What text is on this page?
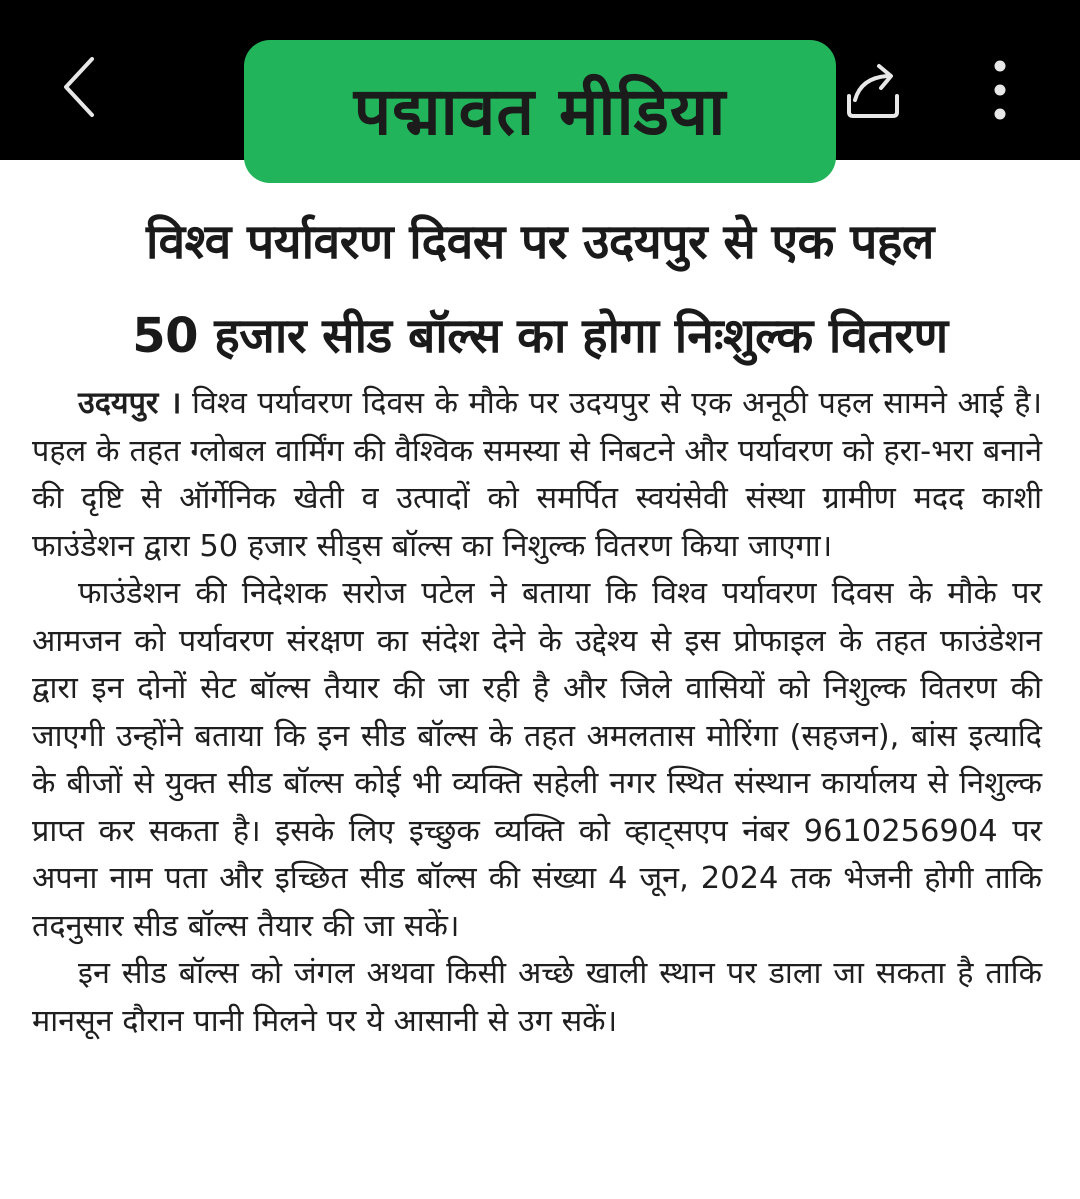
पद्मावत मीडिया
विश्व पर्यावरण दिवस पर उदयपुर से एक पहल
50 हजार सीड बॉल्स का होगा निःशुल्क वितरण

उदयपुर । विश्व पर्यावरण दिवस के मौके पर उदयपुर से एक अनूठी पहल सामने आई है। पहल के तहत ग्लोबल वार्मिंग की वैश्विक समस्या से निबटने और पर्यावरण को हरा-भरा बनाने की दृष्टि से ऑर्गेनिक खेती व उत्पादों को समर्पित स्वयंसेवी संस्था ग्रामीण मदद काशी फाउंडेशन द्वारा 50 हजार सीड्स बॉल्स का निशुल्क वितरण किया जाएगा।

फाउंडेशन की निदेशक सरोज पटेल ने बताया कि विश्व पर्यावरण दिवस के मौके पर आमजन को पर्यावरण संरक्षण का संदेश देने के उद्देश्य से इस प्रोफाइल के तहत फाउंडेशन द्वारा इन दोनों सेट बॉल्स तैयार की जा रही है और जिले वासियों को निशुल्क वितरण की जाएगी उन्होंने बताया कि इन सीड बॉल्स के तहत अमलतास मोरिंगा (सहजन), बांस इत्यादि के बीजों से युक्त सीड बॉल्स कोई भी व्यक्ति सहेली नगर स्थित संस्थान कार्यालय से निशुल्क प्राप्त कर सकता है। इसके लिए इच्छुक व्यक्ति को व्हाट्सएप नंबर 9610256904 पर अपना नाम पता और इच्छित सीड बॉल्स की संख्या 4 जून, 2024 तक भेजनी होगी ताकि तदनुसार सीड बॉल्स तैयार की जा सकें।

इन सीड बॉल्स को जंगल अथवा किसी अच्छे खाली स्थान पर डाला जा सकता है ताकि मानसून दौरान पानी मिलने पर ये आसानी से उग सकें।
